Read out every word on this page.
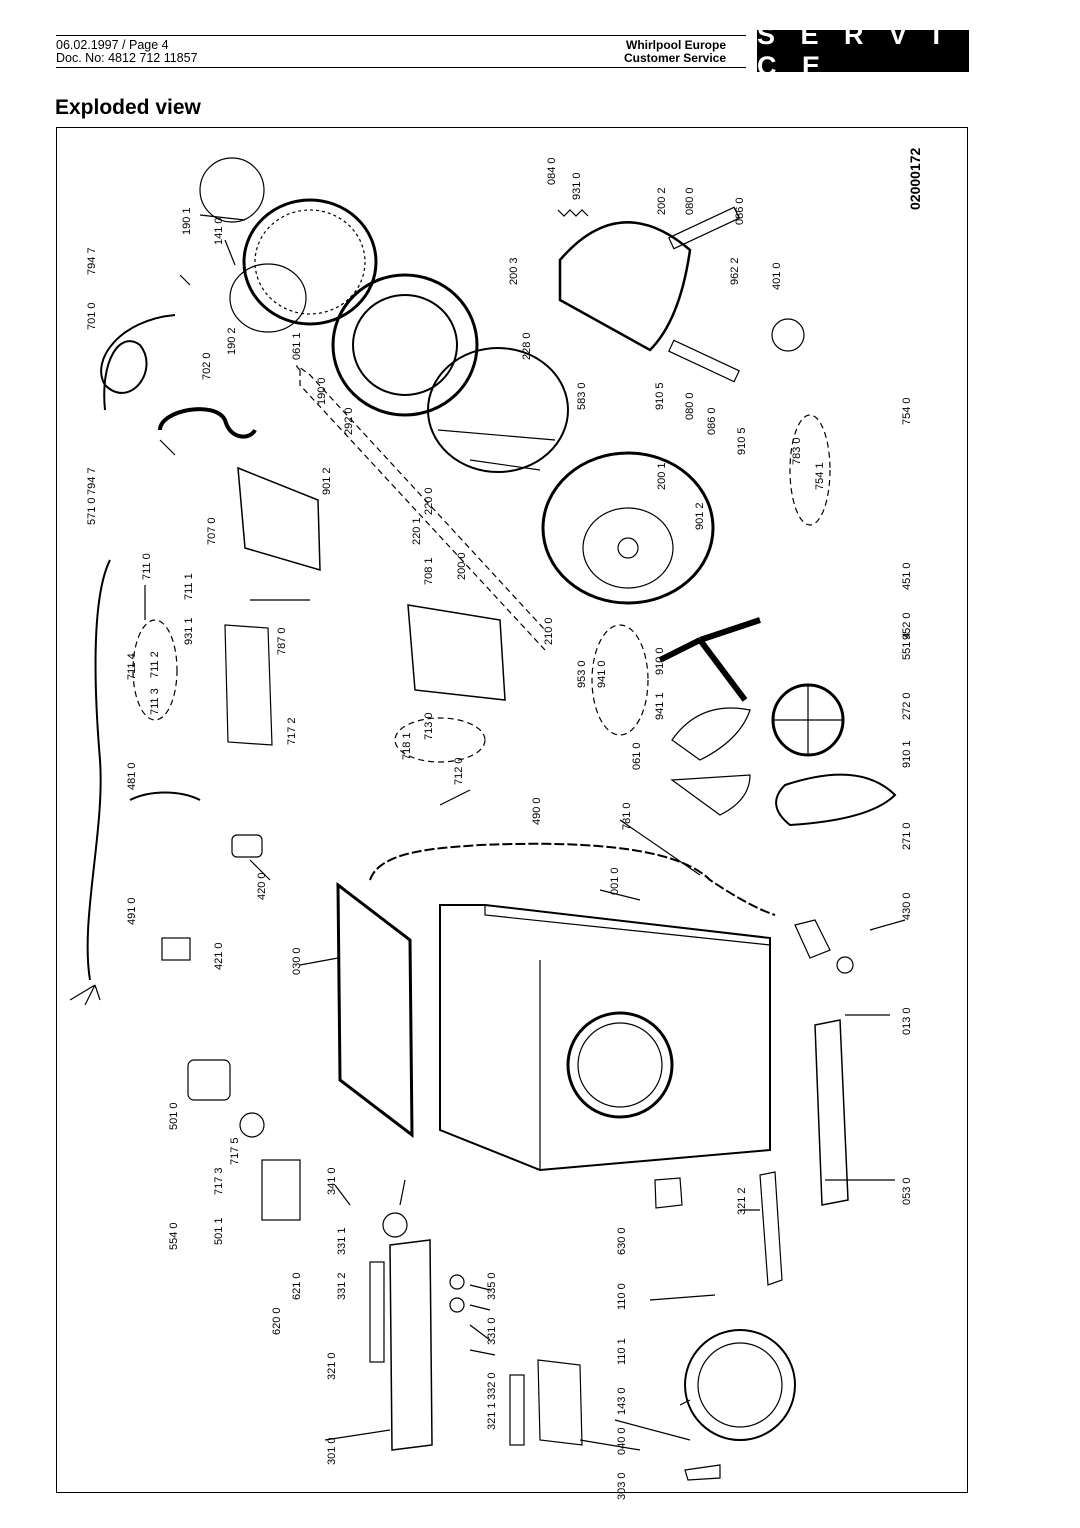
06.02.1997 / Page 4
Doc. No: 4812 712 11857
Whirlpool Europe
Customer Service
S E R V I C E
Exploded view
190 1 141 0
794 7
701 0
190 2	061 1
702 0
190 0
292 0
794 7
571 0
707 0
711 1
711 0
931 1	787 0
711 4
711 3
711 2
717 2
481 0
901 2
220 1
220 0
708 1 200 0
210 0
718 1
713 0
712 0
084 0
931 0
200 2 080 0	086 0
200 3
228 0
583 0	910 5
962 2	401 0
080 0
086 0
910 5	783 0
754 1
754 0
200 1
901 2
953 0 941 0	910 0
941 1
451 0
952 0
551 4
272 0
910 1
061 0
781 0
271 0
490 0
420 0
491 0
421 0	030 0
001 0
430 0
013 0
501 0
717 5
717 3
554 0	501 1
341 0
331 1
331 2
620 0
621 0
321 0
301 0
321 1
335 0
331 0
332 0
630 0
110 0
110 1
143 0
040 0
303 0
321 2	053 0
02000172
